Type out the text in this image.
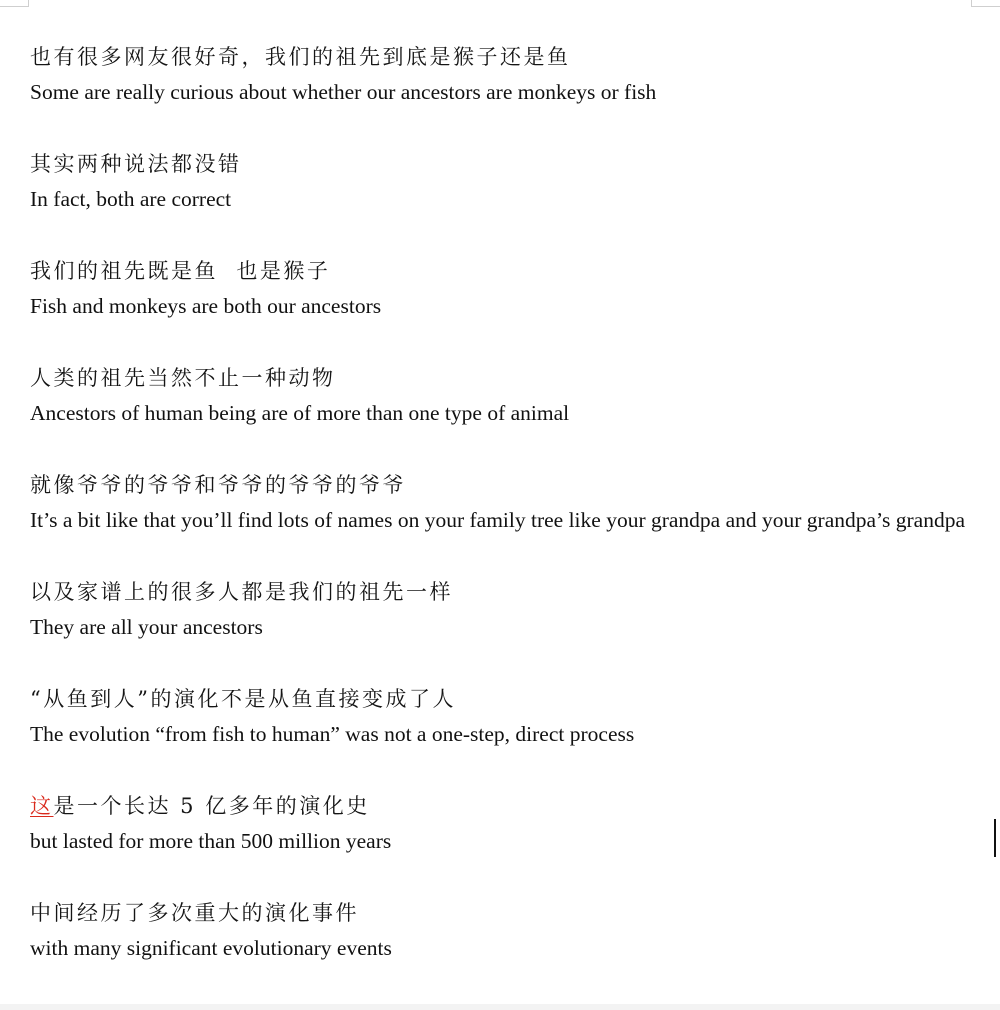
也有很多网友很好奇，我们的祖先到底是猴子还是鱼
Some are really curious about whether our ancestors are monkeys or fish
其实两种说法都没错
In fact, both are correct
我们的祖先既是鱼  也是猴子
Fish and monkeys are both our ancestors
人类的祖先当然不止一种动物
Ancestors of human being are of more than one type of animal
就像爷爷的爷爷和爷爷的爷爷的爷爷
It’s a bit like that you’ll find lots of names on your family tree like your grandpa and your grandpa’s grandpa
以及家谱上的很多人都是我们的祖先一样
They are all your ancestors
“从鱼到人”的演化不是从鱼直接变成了人
The evolution “from fish to human” was not a one-step, direct process
这是一个长达 5 亿多年的演化史
but lasted for more than 500 million years
中间经历了多次重大的演化事件
with many significant evolutionary events
